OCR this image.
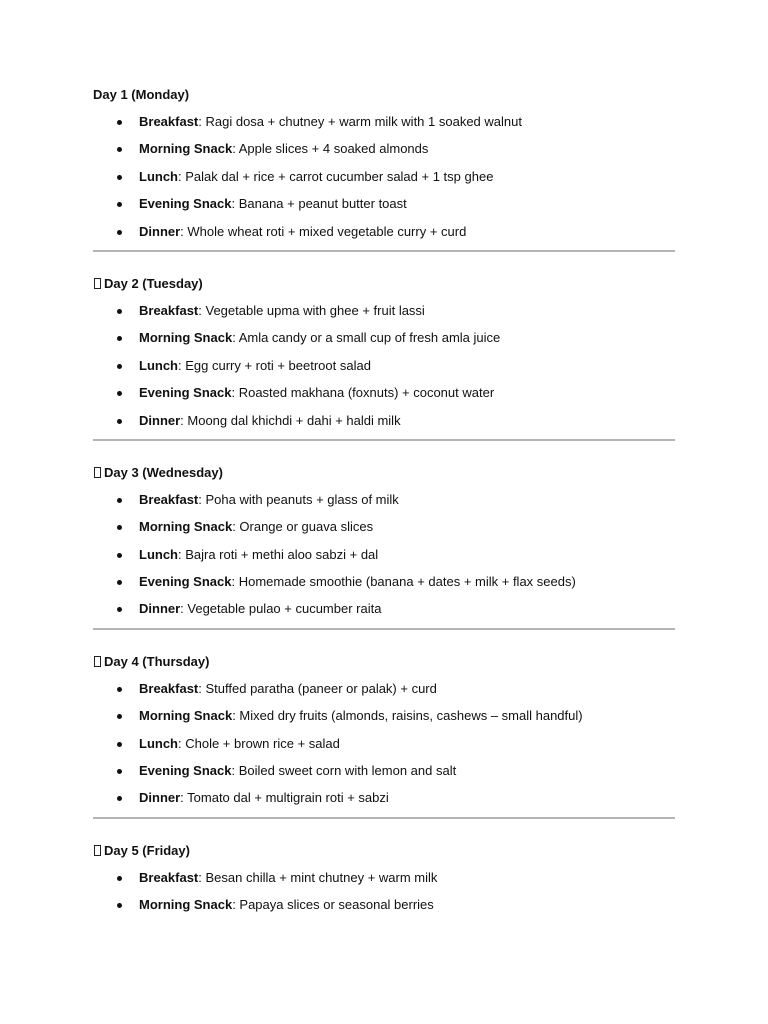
Day 1 (Monday)
Breakfast: Ragi dosa + chutney + warm milk with 1 soaked walnut
Morning Snack: Apple slices + 4 soaked almonds
Lunch: Palak dal + rice + carrot cucumber salad + 1 tsp ghee
Evening Snack: Banana + peanut butter toast
Dinner: Whole wheat roti + mixed vegetable curry + curd
Day 2 (Tuesday)
Breakfast: Vegetable upma with ghee + fruit lassi
Morning Snack: Amla candy or a small cup of fresh amla juice
Lunch: Egg curry + roti + beetroot salad
Evening Snack: Roasted makhana (foxnuts) + coconut water
Dinner: Moong dal khichdi + dahi + haldi milk
Day 3 (Wednesday)
Breakfast: Poha with peanuts + glass of milk
Morning Snack: Orange or guava slices
Lunch: Bajra roti + methi aloo sabzi + dal
Evening Snack: Homemade smoothie (banana + dates + milk + flax seeds)
Dinner: Vegetable pulao + cucumber raita
Day 4 (Thursday)
Breakfast: Stuffed paratha (paneer or palak) + curd
Morning Snack: Mixed dry fruits (almonds, raisins, cashews – small handful)
Lunch: Chole + brown rice + salad
Evening Snack: Boiled sweet corn with lemon and salt
Dinner: Tomato dal + multigrain roti + sabzi
Day 5 (Friday)
Breakfast: Besan chilla + mint chutney + warm milk
Morning Snack: Papaya slices or seasonal berries
